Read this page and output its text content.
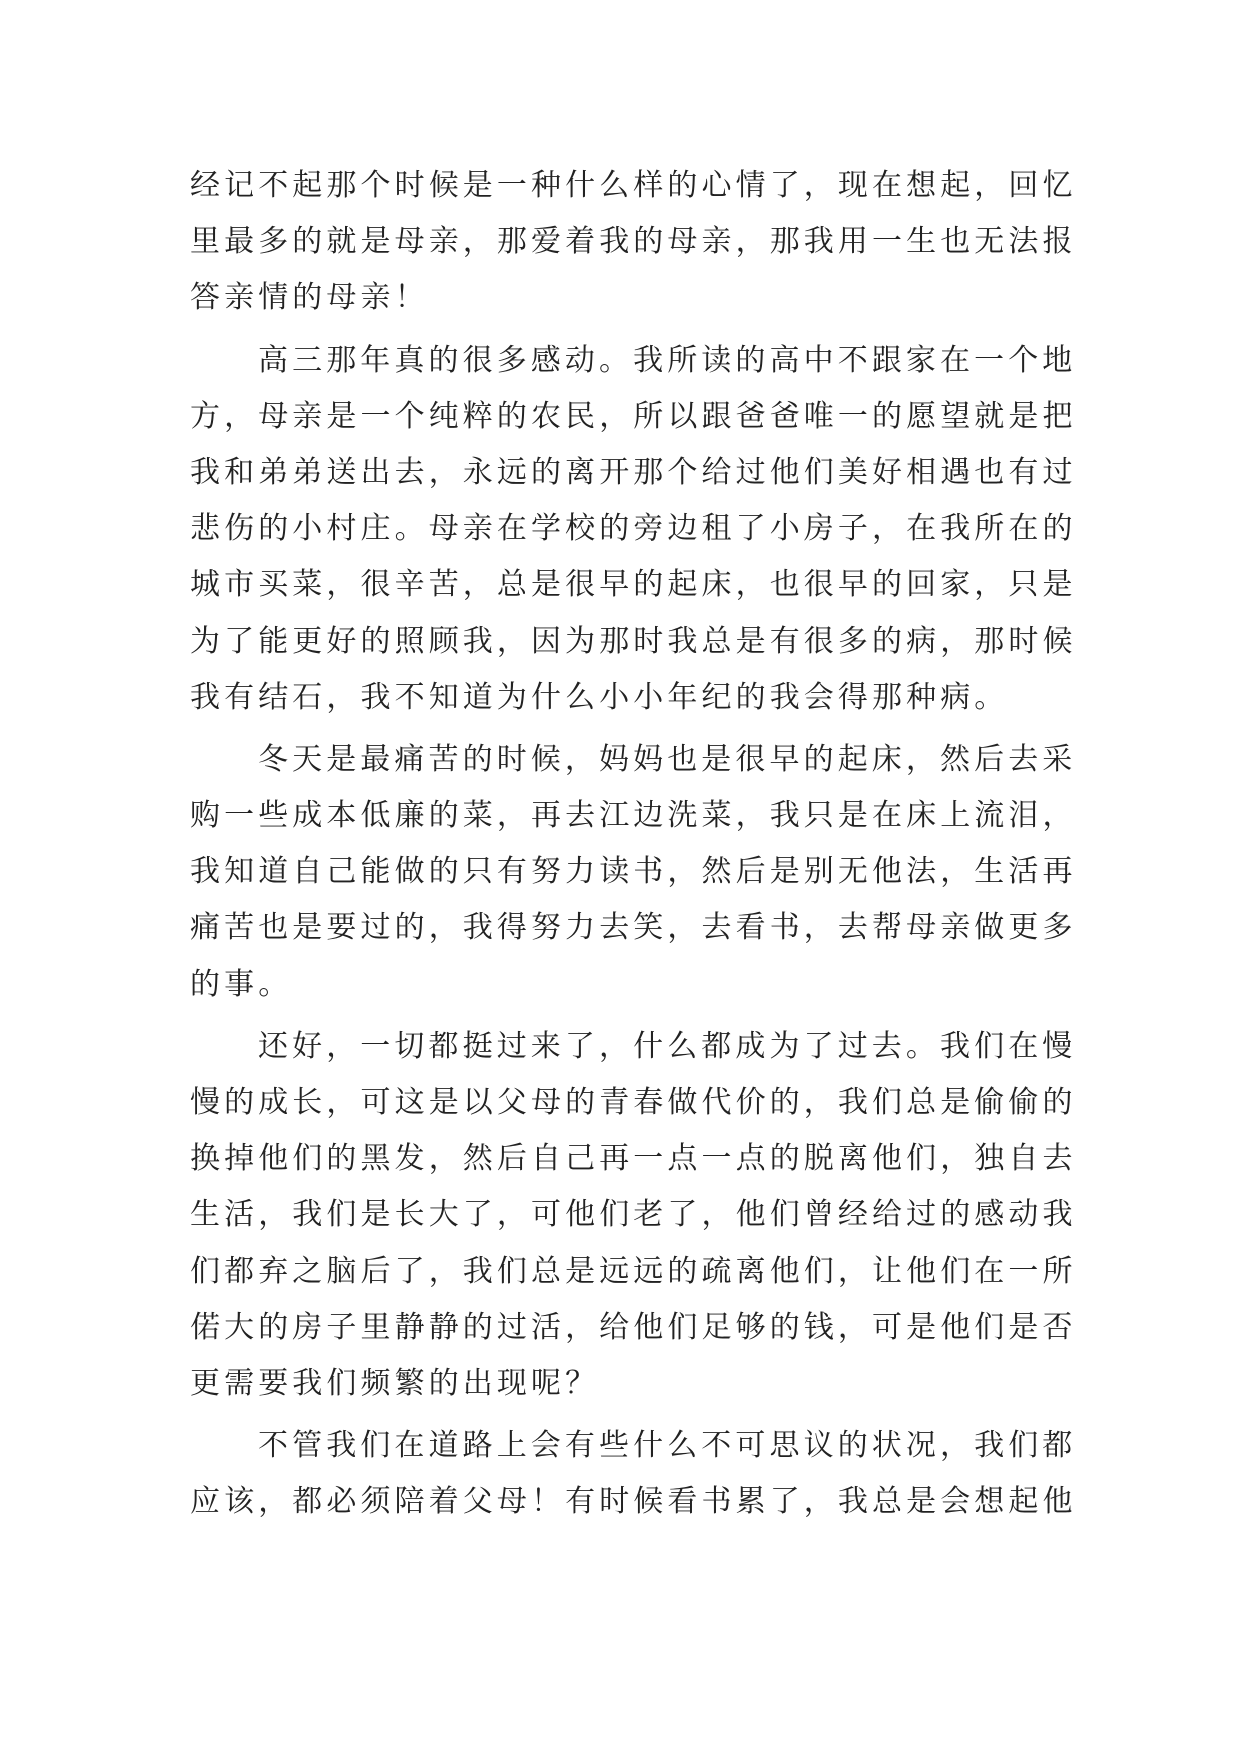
经记不起那个时候是一种什么样的心情了，现在想起，回忆
里最多的就是母亲，那爱着我的母亲，那我用一生也无法报
答亲情的母亲！
高三那年真的很多感动。我所读的高中不跟家在一个地
方，母亲是一个纯粹的农民，所以跟爸爸唯一的愿望就是把
我和弟弟送出去，永远的离开那个给过他们美好相遇也有过
悲伤的小村庄。母亲在学校的旁边租了小房子，在我所在的
城市买菜，很辛苦，总是很早的起床，也很早的回家，只是
为了能更好的照顾我，因为那时我总是有很多的病，那时候
我有结石，我不知道为什么小小年纪的我会得那种病。
冬天是最痛苦的时候，妈妈也是很早的起床，然后去采
购一些成本低廉的菜，再去江边洗菜，我只是在床上流泪，
我知道自己能做的只有努力读书，然后是别无他法，生活再
痛苦也是要过的，我得努力去笑，去看书，去帮母亲做更多
的事。
还好，一切都挺过来了，什么都成为了过去。我们在慢
慢的成长，可这是以父母的青春做代价的，我们总是偷偷的
换掉他们的黑发，然后自己再一点一点的脱离他们，独自去
生活，我们是长大了，可他们老了，他们曾经给过的感动我
们都弃之脑后了，我们总是远远的疏离他们，让他们在一所
偌大的房子里静静的过活，给他们足够的钱，可是他们是否
更需要我们频繁的出现呢？
不管我们在道路上会有些什么不可思议的状况，我们都
应该，都必须陪着父母！有时候看书累了，我总是会想起他
